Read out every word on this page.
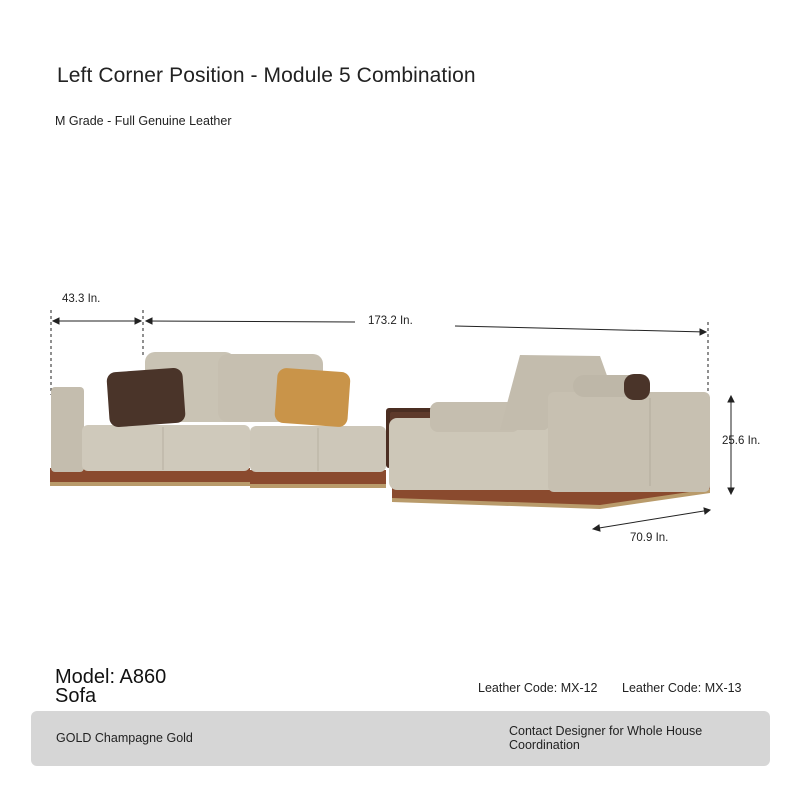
Left Corner Position - Module 5 Combination
M Grade - Full Genuine Leather
43.3 In.
173.2 In.
25.6 In.
70.9 In.
Model: A860
Sofa	Leather Code: MX-12 Leather Code: MX-13
GOLD Champagne Gold	Contact Designer for Whole House Coordination
